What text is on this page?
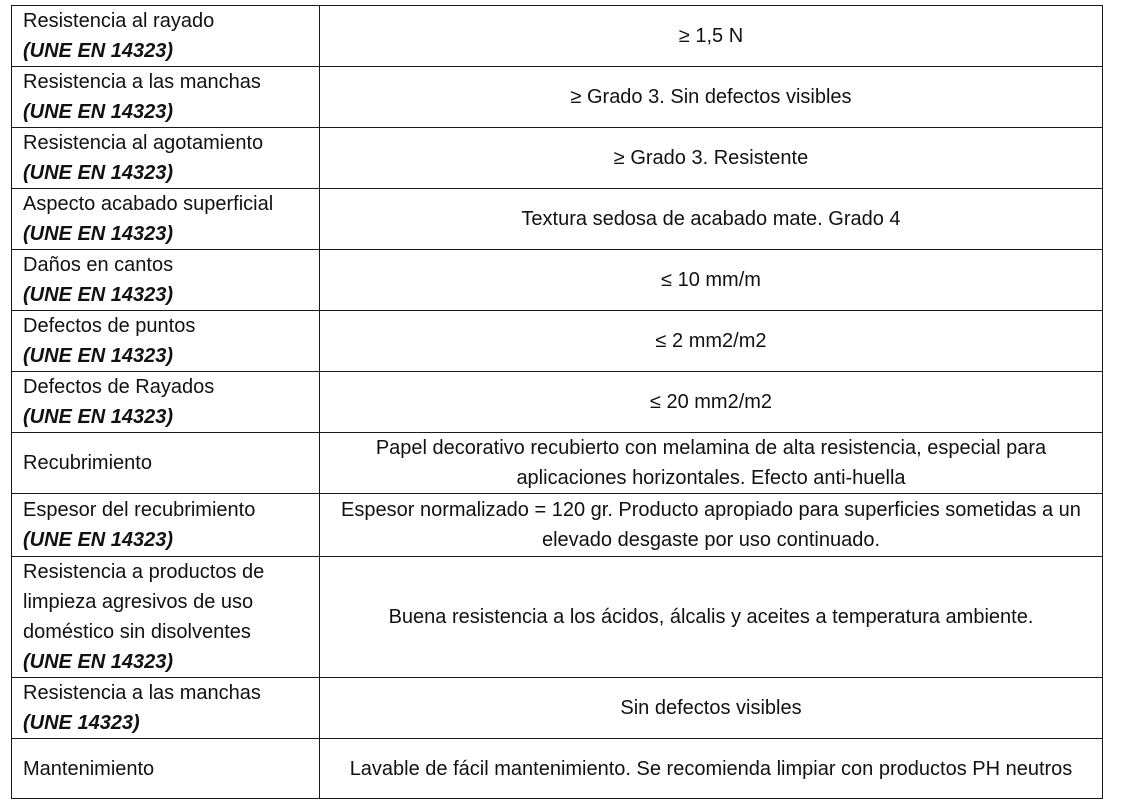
Resistencia al rayado
(UNE EN 14323)	≥ 1,5 N

Resistencia a las manchas
(UNE EN 14323)	≥ Grado 3. Sin defectos visibles

Resistencia al agotamiento
(UNE EN 14323)	≥ Grado 3. Resistente

Aspecto acabado superficial
(UNE EN 14323)	Textura sedosa de acabado mate. Grado 4

Daños en cantos
(UNE EN 14323)	≤ 10 mm/m

Defectos de puntos
(UNE EN 14323)	≤ 2 mm2/m2

Defectos de Rayados
(UNE EN 14323)	≤ 20 mm2/m2

Recubrimiento	Papel decorativo recubierto con melamina de alta resistencia, especial para aplicaciones horizontales. Efecto anti-huella

Espesor del recubrimiento
(UNE EN 14323)	Espesor normalizado = 120 gr. Producto apropiado para superficies sometidas a un elevado desgaste por uso continuado.

Resistencia a productos de limpieza agresivos de uso doméstico sin disolventes
(UNE EN 14323)	Buena resistencia a los ácidos, álcalis y aceites a temperatura ambiente.

Resistencia a las manchas
(UNE 14323)	Sin defectos visibles

Mantenimiento	Lavable de fácil mantenimiento. Se recomienda limpiar con productos PH neutros
